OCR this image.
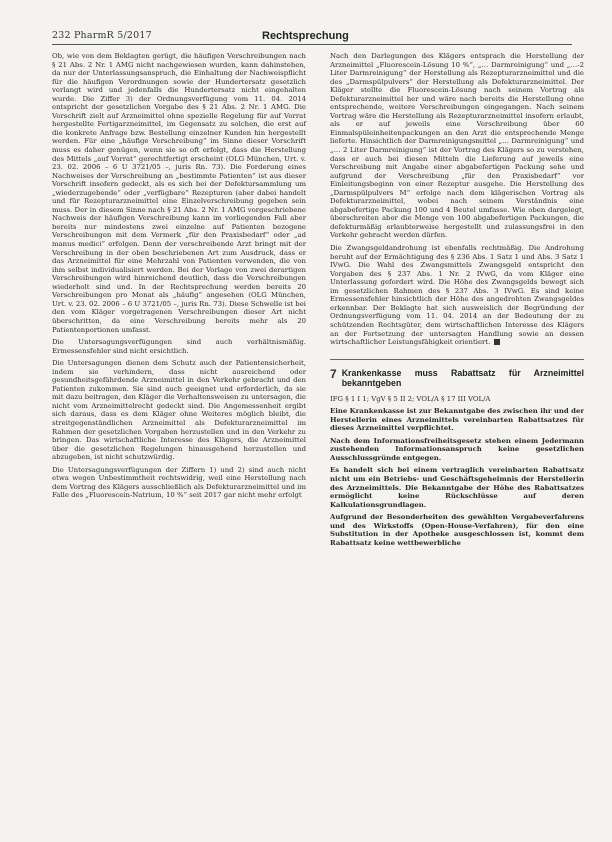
232 PharmR 5/2017	Rechtsprechung

Ob, wie von dem Beklagten gerügt, die häufigen Verschreibungen nach § 21 Abs. 2 Nr. 1 AMG nicht nachgewiesen wurden, kann dahinstehen, da nur der Unterlassungsanspruch, die Einhaltung der Nachweispflicht für die häufigen Verordnungen sowie der Hundertersatz gesetzlich verlangt wird und jedenfalls die Hundertersatz nicht eingehalten wurde. Die Ziffer 3) der Ordnungsverfügung vom 11. 04. 2014 entspricht der gesetzlichen Vorgabe des § 21 Abs. 2 Nr. 1 AMG. Die Vorschrift zielt auf Arzneimittel ohne spezielle Regelung für auf Vorrat hergestellte Fertigarzneimittel, im Gegensatz zu solchen, die erst auf die konkrete Anfrage bzw. Bestellung einzelner Kunden hin hergestellt werden. Für eine „häufige Verschreibung“ im Sinne dieser Vorschrift muss es daher genügen, wenn sie so oft erfolgt, dass die Herstellung des Mittels „auf Vorrat“ gerechtfertigt erscheint (OLG München, Urt. v. 23. 02. 2006 – 6 U 3721/05 –, juris Rn. 73). Die Forderung eines Nachweises der Verschreibung an „bestimmte Patienten“ ist aus dieser Vorschrift insofern gedeckt, als es sich bei der Defektursammlung um „wiederzugebende“ oder „verfügbare“ Rezepturen (aber dabei handelt und für Rezepturarzneimittel eine Einzelverschreibung gegeben sein muss. Der in diesem Sinne nach § 21 Abs. 2 Nr. 1 AMG vorgeschriebene Nachweis der häufigen Verschreibung kann im vorliegenden Fall aber bereits nur mindestens zwei einzelne auf Patienten bezogene Verschreibungen mit dem Vermerk „für den Praxisbedarf“ oder „ad manus medici“ erfolgen. Denn der verschreibende Arzt bringt mit der Verschreibung in der oben beschriebenen Art zum Ausdruck, dass er das Arzneimittel für eine Mehrzahl von Patienten verwenden, die von ihm selbst individualisiert werden. Bei der Vorlage von zwei derartigen Verschreibungen wird hinreichend deutlich, dass die Verschreibungen wiederholt sind und. In der Rechtsprechung werden bereits 20 Verschreibungen pro Monat als „häufig“ angesehen (OLG München, Urt. v. 23. 02. 2006 – 6 U 3721/05 –, juris Rn. 73). Diese Schwelle ist bei den vom Kläger vorgetragenen Verschreibungen dieser Art nicht überschritten, da eine Verschreibung bereits mehr als 20 Patientenportionen umfasst.

Die Untersagungsverfügungen sind auch verhältnismäßig. Ermessensfehler sind nicht ersichtlich.

Die Untersagungen dienen dem Schutz auch der Patientensicherheit, indem sie verhindern, dass nicht ausreichend oder gesundheitsgefährdende Arzneimittel in den Verkehr gebracht und den Patienten zukommen. Sie sind auch geeignet und erforderlich, da sie mit dazu beitragen, den Kläger die Verhaltensweisen zu untersagen, die nicht vom Arzneimittelrecht gedeckt sind. Die Angemessenheit ergibt sich daraus, dass es dem Kläger ohne Weiteres möglich bleibt, die streitgegenständlichen Arzneimittel als Defekturarzneimittel im Rahmen der gesetzlichen Vorgaben herzustellen und in den Verkehr zu bringen. Das wirtschaftliche Interesse des Klägers, die Arzneimittel über die gesetzlichen Regelungen hinausgehend herzustellen und abzugeben, ist nicht schutzwürdig.

Die Untersagungsverfügungen der Ziffern 1) und 2) sind auch nicht etwa wegen Unbestimmtheit rechtswidrig, weil eine Herstellung nach dem Vortrag des Klägers ausschließlich als Defekturarzneimittel und im Falle des „Fluorescein-Natrium, 10 %“ seit 2017 gar nicht mehr erfolgt

Nach den Darlegungen des Klägers entsprach die Herstellung der Arzneimittel „Fluorescein-Lösung 10 %“, „… Darmreinigung“ und „…-2 Liter Darmreinigung“ der Herstellung als Rezepturarzneimittel und die des „Darmspülpulvers“ der Herstellung als Defekturarzneimittel. Der Kläger stellte die Fluorescein-Lösung nach seinem Vortrag als Defekturarzneimittel her und wäre nach bereits die Herstellung ohne entsprechende, weitere Verschreibungen eingegangen. Nach seinem Vortrag wäre die Herstellung als Rezepturarzneimittel insofern erlaubt, als er auf jeweils eine Verschreibung über 60 Einmalspüleinheitenpackungen an den Arzt die entsprechende Menge lieferte. Hinsichtlich der Darmreinigungsmittel „… Darmreinigung“ und „… 2 Liter Darmreinigung“ ist der Vortrag des Klägers so zu verstehen, dass er auch bei diesen Mitteln die Lieferung auf jeweils eine Verschreibung mit Angabe einer abgabefertigen Packung sehe und aufgrund der Verschreibung „für den Praxisbedarf“ vor Einleitungsbeginn von einer Rezeptur ausgehe. Die Herstellung des „Darmspülpulvers M“ erfolge nach dem klägerischen Vortrag als Defekturarzneimittel, wobei nach seinem Verständnis eine abgabefertige Packung 100 und 4 Beutel umfasse. Wie oben dargelegt, überschreiten aber die Menge von 100 abgabefertigen Packungen, die defekturmäßig erlaubterweise hergestellt und zulassungsfrei in den Verkehr gebracht werden dürfen.

Die Zwangsgeldandrohung ist ebenfalls rechtmäßig. Die Androhung beruht auf der Ermächtigung des § 236 Abs. 1 Satz 1 und Abs. 3 Satz 1 IVwG. Die Wahl des Zwangsmittels Zwangsgeld entspricht den Vorgaben des § 237 Abs. 1 Nr. 2 IVwG, da vom Kläger eine Unterlassung gefordert wird. Die Höhe des Zwangsgelds bewegt sich im gesetzlichen Rahmen des § 237 Abs. 3 IVwG. Es sind keine Ermessensfehler hinsichtlich der Höhe des angedrohten Zwangsgeldes erkennbar. Der Beklagte hat sich ausweislich der Begründung der Ordnungsverfügung vom 11. 04. 2014 an der Bedeutung der zu schützenden Rechtsgüter, dem wirtschaftlichen Interesse des Klägers an der Fortsetzung der untersagten Handlung sowie an dessen wirtschaftlicher Leistungsfähigkeit orientiert.

7 Krankenkasse muss Rabattsatz für Arzneimittel bekanntgeben

IFG § 1 I 1; VgV § 5 II 2; VOL/A § 17 III VOL/A

Eine Krankenkasse ist zur Bekanntgabe des zwischen ihr und der Herstellerin eines Arzneimittels vereinbarten Rabattsatzes für dieses Arzneimittel verpflichtet.

Nach dem Informationsfreiheitsgesetz stehen einem Jedermann zustehenden Informationsanspruch keine gesetzlichen Ausschlussgründe entgegen.

Es handelt sich bei einem vertraglich vereinbarten Rabattsatz nicht um ein Betriebs- und Geschäftsgeheimnis der Herstellerin des Arzneimittels. Die Bekanntgabe der Höhe des Rabattsatzes ermöglicht keine Rückschlüsse auf deren Kalkulationsgrundlagen.

Aufgrund der Besonderheiten des gewählten Vergabeverfahrens und des Wirkstoffs (Open-House-Verfahren), für den eine Substitution in der Apotheke ausgeschlossen ist, kommt dem Rabattsatz keine wettbewerbliche
